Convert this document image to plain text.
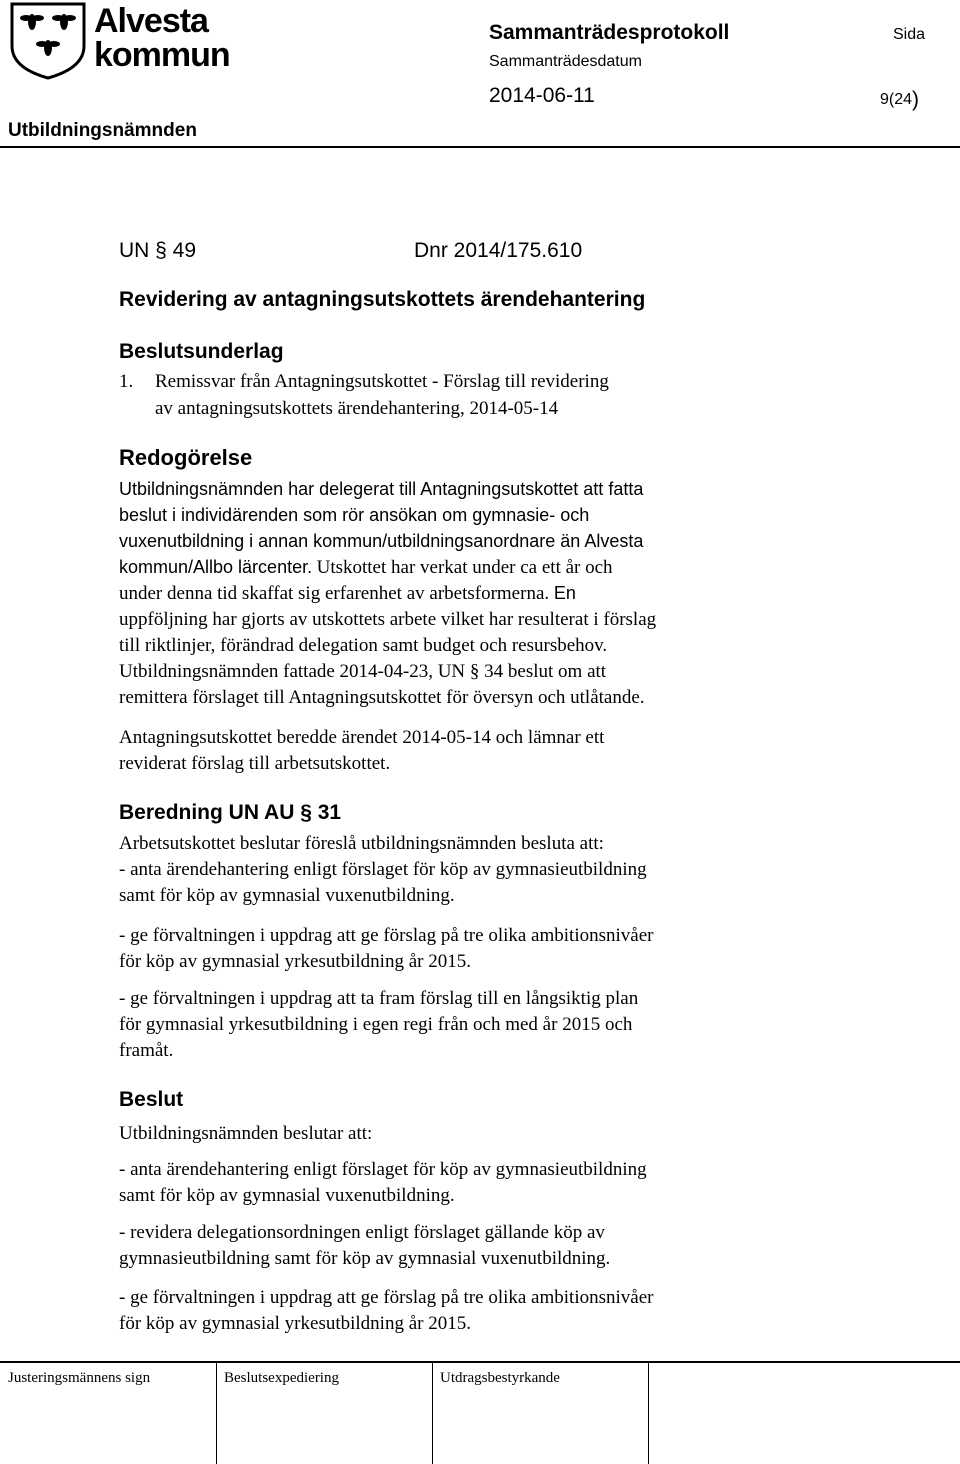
Alvesta
kommun
Sammanträdesprotokoll	Sida
Sammanträdesdatum
2014-06-11	9(24)
Utbildningsnämnden
UN § 49	Dnr 2014/175.610
Revidering av antagningsutskottets ärendehantering
Beslutsunderlag
1. Remissvar från Antagningsutskottet - Förslag till revidering
av antagningsutskottets ärendehantering, 2014-05-14
Redogörelse
Utbildningsnämnden har delegerat till Antagningsutskottet att fatta
beslut i individärenden som rör ansökan om gymnasie- och
vuxenutbildning i annan kommun/utbildningsanordnare än Alvesta
kommun/Allbo lärcenter. Utskottet har verkat under ca ett år och
under denna tid skaffat sig erfarenhet av arbetsformerna. En
uppföljning har gjorts av utskottets arbete vilket har resulterat i förslag
till riktlinjer, förändrad delegation samt budget och resursbehov.
Utbildningsnämnden fattade 2014-04-23, UN § 34 beslut om att
remittera förslaget till Antagningsutskottet för översyn och utlåtande.
Antagningsutskottet beredde ärendet 2014-05-14 och lämnar ett
reviderat förslag till arbetsutskottet.
Beredning UN AU § 31
Arbetsutskottet beslutar föreslå utbildningsnämnden besluta att:
- anta ärendehantering enligt förslaget för köp av gymnasieutbildning
samt för köp av gymnasial vuxenutbildning.
- ge förvaltningen i uppdrag att ge förslag på tre olika ambitionsnivåer
för köp av gymnasial yrkesutbildning år 2015.
- ge förvaltningen i uppdrag att ta fram förslag till en långsiktig plan
för gymnasial yrkesutbildning i egen regi från och med år 2015 och
framåt.
Beslut
Utbildningsnämnden beslutar att:
- anta ärendehantering enligt förslaget för köp av gymnasieutbildning
samt för köp av gymnasial vuxenutbildning.
- revidera delegationsordningen enligt förslaget gällande köp av
gymnasieutbildning samt för köp av gymnasial vuxenutbildning.
- ge förvaltningen i uppdrag att ge förslag på tre olika ambitionsnivåer
för köp av gymnasial yrkesutbildning år 2015.
Justeringsmännens sign	Beslutsexpediering	Utdragsbestyrkande
